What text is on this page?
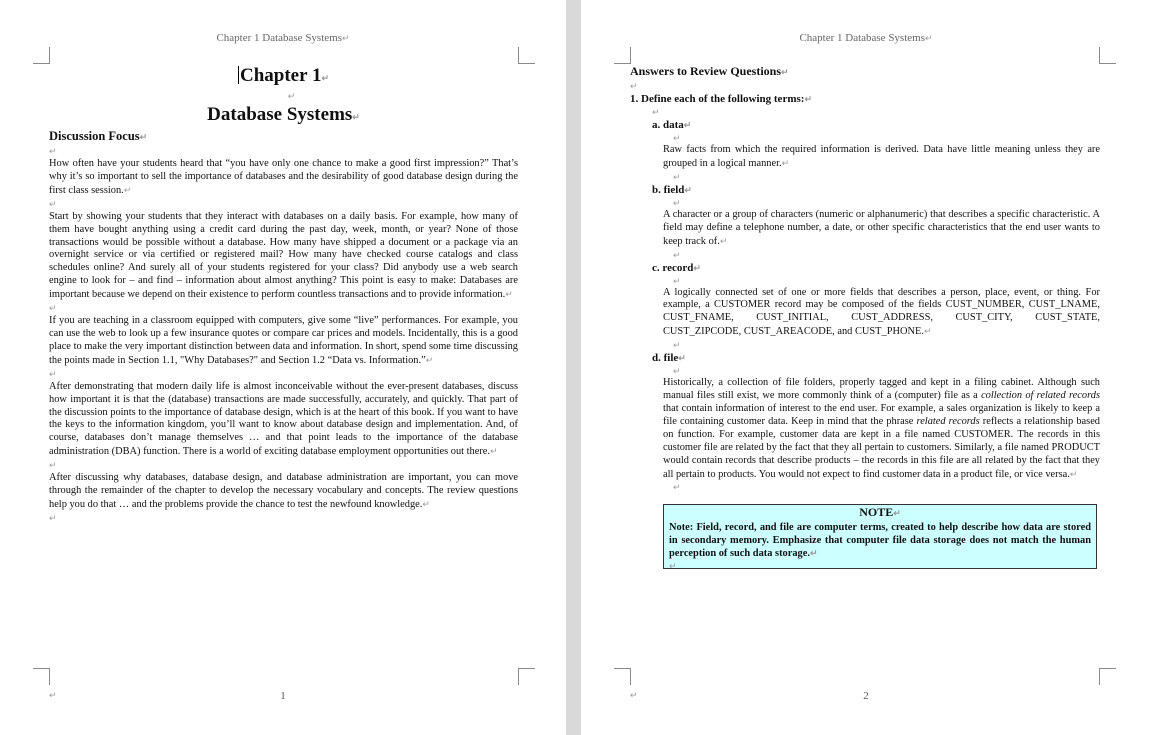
Chapter 1 Database Systems↵
1
↵
Chapter 1↵
↵
Database Systems↵
Discussion Focus↵
↵

How often have your students heard that “you have only one chance to make a good first impression?” That’s why it’s so important to sell the importance of databases and the desirability of good database design during the first class session.↵

↵

Start by showing your students that they interact with databases on a daily basis. For example, how many of them have bought anything using a credit card during the past day, week, month, or year? None of those transactions would be possible without a database. How many have shipped a document or a package via an overnight service or via certified or registered mail? How many have checked course catalogs and class schedules online? And surely all of your students registered for your class? Did anybody use a web search engine to look for – and find – information about almost anything? This point is easy to make: Databases are important because we depend on their existence to perform countless transactions and to provide information.↵

↵

If you are teaching in a classroom equipped with computers, give some “live” performances. For example, you can use the web to look up a few insurance quotes or compare car prices and models. Incidentally, this is a good place to make the very important distinction between data and information. In short, spend some time discussing the points made in Section 1.1, "Why Databases?" and Section 1.2 “Data vs. Information.”↵

↵

After demonstrating that modern daily life is almost inconceivable without the ever-present databases, discuss how important it is that the (database) transactions are made successfully, accurately, and quickly. That part of the discussion points to the importance of database design, which is at the heart of this book. If you want to have the keys to the information kingdom, you’ll want to know about database design and implementation. And, of course, databases don’t manage themselves … and that point leads to the importance of the database administration (DBA) function. There is a world of exciting database employment opportunities out there.↵

↵

After discussing why databases, database design, and database administration are important, you can move through the remainder of the chapter to develop the necessary vocabulary and concepts. The review questions help you do that … and the problems provide the chance to test the newfound knowledge.↵

↵
Chapter 1 Database Systems↵
2
↵
Answers to Review Questions↵
↵
1. Define each of the following terms:↵
↵
a. data↵
↵
Raw facts from which the required information is derived. Data have little meaning unless they are grouped in a logical manner.↵
↵
b. field↵
↵
A character or a group of characters (numeric or alphanumeric) that describes a specific characteristic. A field may define a telephone number, a date, or other specific characteristics that the end user wants to keep track of.↵
↵
c. record↵
↵
A logically connected set of one or more fields that describes a person, place, event, or thing. For example, a CUSTOMER record may be composed of the fields CUST_NUMBER, CUST_LNAME, CUST_FNAME, CUST_INITIAL, CUST_ADDRESS, CUST_CITY, CUST_STATE, CUST_ZIPCODE, CUST_AREACODE, and CUST_PHONE.↵
↵
d. file↵
↵
Historically, a collection of file folders, properly tagged and kept in a filing cabinet. Although such manual files still exist, we more commonly think of a (computer) file as a collection of related records that contain information of interest to the end user. For example, a sales organization is likely to keep a file containing customer data. Keep in mind that the phrase related records reflects a relationship based on function. For example, customer data are kept in a file named CUSTOMER. The records in this customer file are related by the fact that they all pertain to customers. Similarly, a file named PRODUCT would contain records that describe products – the records in this file are all related by the fact that they all pertain to products. You would not expect to find customer data in a product file, or vice versa.↵
↵
NOTE↵
Note: Field, record, and file are computer terms, created to help describe how data are stored in secondary memory. Emphasize that computer file data storage does not match the human perception of such data storage.↵
↵
